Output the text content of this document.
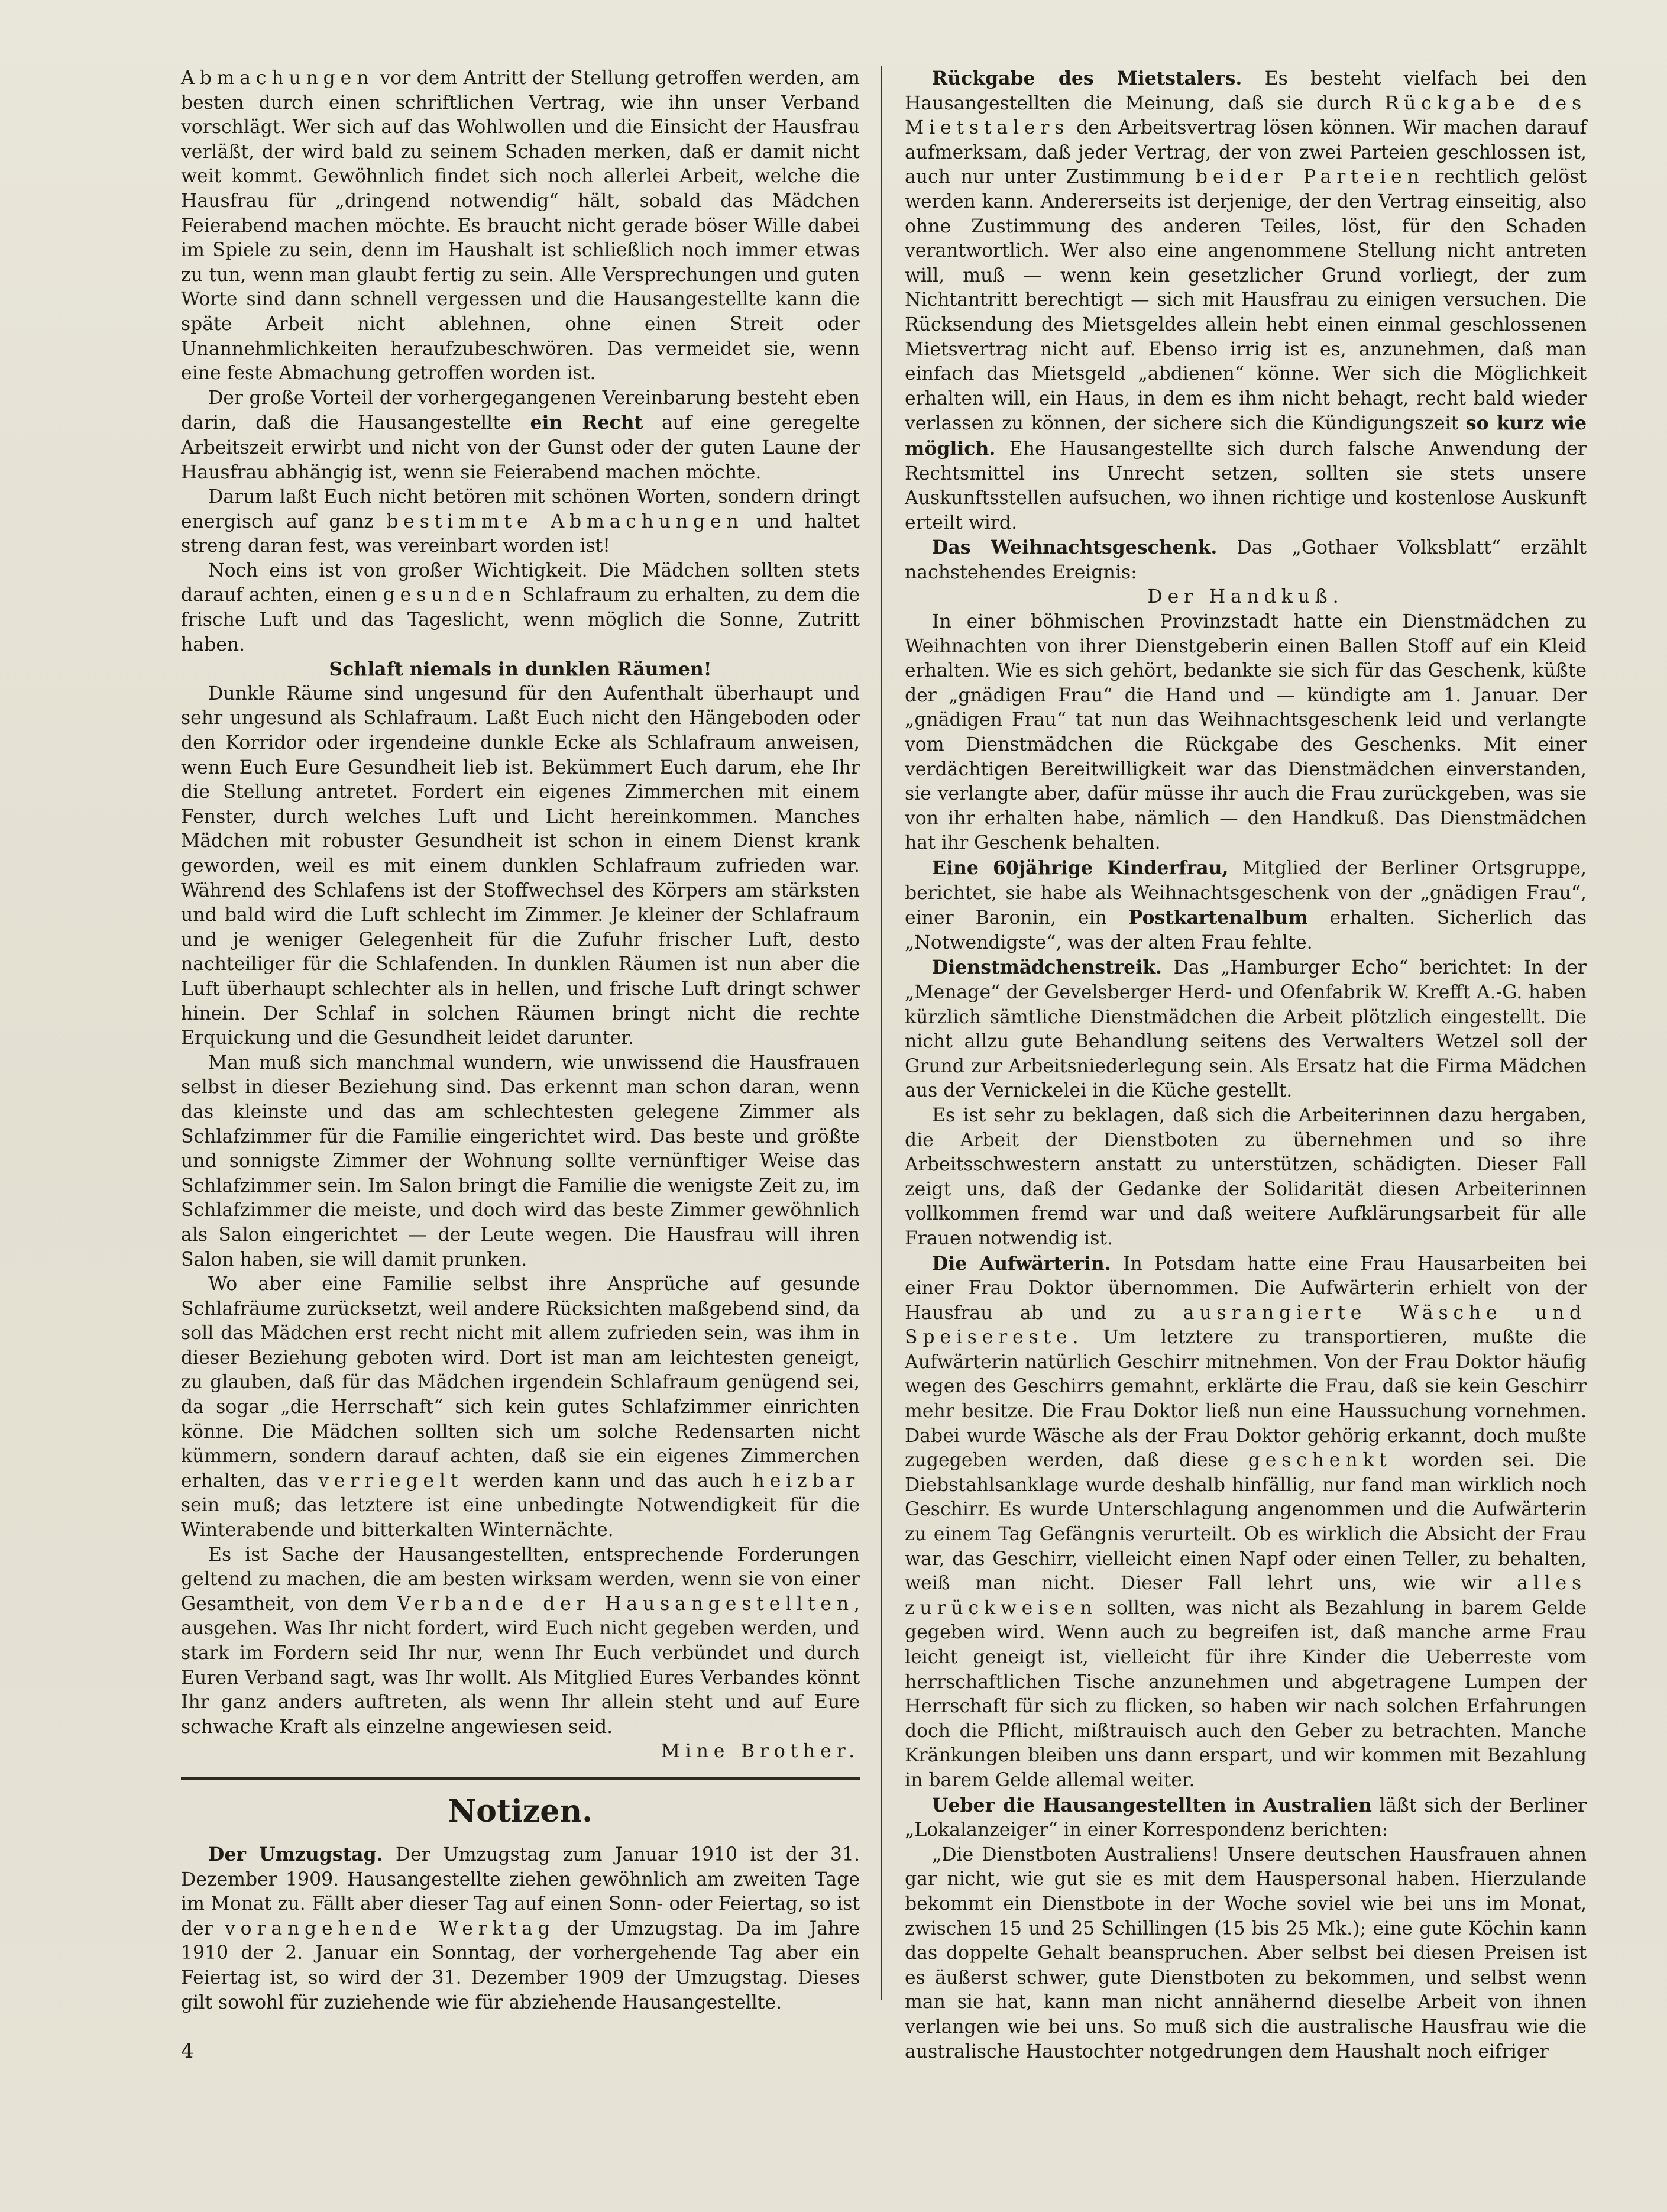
Abmachungen vor dem Antritt der Stellung getroffen werden, am besten durch einen schriftlichen Vertrag, wie ihn unser Verband vorschlägt. Wer sich auf das Wohlwollen und die Einsicht der Hausfrau verläßt, der wird bald zu seinem Schaden merken, daß er damit nicht weit kommt. Gewöhnlich findet sich noch allerlei Arbeit, welche die Hausfrau für „dringend notwendig“ hält, sobald das Mädchen Feierabend machen möchte. Es braucht nicht gerade böser Wille dabei im Spiele zu sein, denn im Haushalt ist schließlich noch immer etwas zu tun, wenn man glaubt fertig zu sein. Alle Versprechungen und guten Worte sind dann schnell vergessen und die Hausangestellte kann die späte Arbeit nicht ablehnen, ohne einen Streit oder Unannehmlichkeiten heraufzubeschwören. Das vermeidet sie, wenn eine feste Abmachung getroffen worden ist.

Der große Vorteil der vorhergegangenen Vereinbarung besteht eben darin, daß die Hausangestellte ein Recht auf eine geregelte Arbeitszeit erwirbt und nicht von der Gunst oder der guten Laune der Hausfrau abhängig ist, wenn sie Feierabend machen möchte.

Darum laßt Euch nicht betören mit schönen Worten, sondern dringt energisch auf ganz bestimmte Abmachungen und haltet streng daran fest, was vereinbart worden ist!

Noch eins ist von großer Wichtigkeit. Die Mädchen sollten stets darauf achten, einen gesunden Schlafraum zu erhalten, zu dem die frische Luft und das Tageslicht, wenn möglich die Sonne, Zutritt haben.

Schlaft niemals in dunklen Räumen!

Dunkle Räume sind ungesund für den Aufenthalt überhaupt und sehr ungesund als Schlafraum. Laßt Euch nicht den Hängeboden oder den Korridor oder irgendeine dunkle Ecke als Schlafraum anweisen, wenn Euch Eure Gesundheit lieb ist. Bekümmert Euch darum, ehe Ihr die Stellung antretet. Fordert ein eigenes Zimmerchen mit einem Fenster, durch welches Luft und Licht hereinkommen. Manches Mädchen mit robuster Gesundheit ist schon in einem Dienst krank geworden, weil es mit einem dunklen Schlafraum zufrieden war. Während des Schlafens ist der Stoffwechsel des Körpers am stärksten und bald wird die Luft schlecht im Zimmer. Je kleiner der Schlafraum und je weniger Gelegenheit für die Zufuhr frischer Luft, desto nachteiliger für die Schlafenden. In dunklen Räumen ist nun aber die Luft überhaupt schlechter als in hellen, und frische Luft dringt schwer hinein. Der Schlaf in solchen Räumen bringt nicht die rechte Erquickung und die Gesundheit leidet darunter.

Man muß sich manchmal wundern, wie unwissend die Hausfrauen selbst in dieser Beziehung sind. Das erkennt man schon daran, wenn das kleinste und das am schlechtesten gelegene Zimmer als Schlafzimmer für die Familie eingerichtet wird. Das beste und größte und sonnigste Zimmer der Wohnung sollte vernünftiger Weise das Schlafzimmer sein. Im Salon bringt die Familie die wenigste Zeit zu, im Schlafzimmer die meiste, und doch wird das beste Zimmer gewöhnlich als Salon eingerichtet — der Leute wegen. Die Hausfrau will ihren Salon haben, sie will damit prunken.

Wo aber eine Familie selbst ihre Ansprüche auf gesunde Schlafräume zurücksetzt, weil andere Rücksichten maßgebend sind, da soll das Mädchen erst recht nicht mit allem zufrieden sein, was ihm in dieser Beziehung geboten wird. Dort ist man am leichtesten geneigt, zu glauben, daß für das Mädchen irgendein Schlafraum genügend sei, da sogar „die Herrschaft“ sich kein gutes Schlafzimmer einrichten könne. Die Mädchen sollten sich um solche Redensarten nicht kümmern, sondern darauf achten, daß sie ein eigenes Zimmerchen erhalten, das verriegelt werden kann und das auch heizbar sein muß; das letztere ist eine unbedingte Notwendigkeit für die Winterabende und bitterkalten Winternächte.

Es ist Sache der Hausangestellten, entsprechende Forderungen geltend zu machen, die am besten wirksam werden, wenn sie von einer Gesamtheit, von dem Verbande der Hausangestellten, ausgehen. Was Ihr nicht fordert, wird Euch nicht gegeben werden, und stark im Fordern seid Ihr nur, wenn Ihr Euch verbündet und durch Euren Verband sagt, was Ihr wollt. Als Mitglied Eures Verbandes könnt Ihr ganz anders auftreten, als wenn Ihr allein steht und auf Eure schwache Kraft als einzelne angewiesen seid.

Mine Brother.

Notizen.

Der Umzugstag. Der Umzugstag zum Januar 1910 ist der 31. Dezember 1909. Hausangestellte ziehen gewöhnlich am zweiten Tage im Monat zu. Fällt aber dieser Tag auf einen Sonn- oder Feiertag, so ist der vorangehende Werktag der Umzugstag. Da im Jahre 1910 der 2. Januar ein Sonntag, der vorhergehende Tag aber ein Feiertag ist, so wird der 31. Dezember 1909 der Umzugstag. Dieses gilt sowohl für zuziehende wie für abziehende Hausangestellte.

Rückgabe des Mietstalers. Es besteht vielfach bei den Hausangestellten die Meinung, daß sie durch Rückgabe des Mietstalers den Arbeitsvertrag lösen können. Wir machen darauf aufmerksam, daß jeder Vertrag, der von zwei Parteien geschlossen ist, auch nur unter Zustimmung beider Parteien rechtlich gelöst werden kann. Andererseits ist derjenige, der den Vertrag einseitig, also ohne Zustimmung des anderen Teiles, löst, für den Schaden verantwortlich. Wer also eine angenommene Stellung nicht antreten will, muß — wenn kein gesetzlicher Grund vorliegt, der zum Nichtantritt berechtigt — sich mit Hausfrau zu einigen versuchen. Die Rücksendung des Mietsgeldes allein hebt einen einmal geschlossenen Mietsvertrag nicht auf. Ebenso irrig ist es, anzunehmen, daß man einfach das Mietsgeld „abdienen“ könne. Wer sich die Möglichkeit erhalten will, ein Haus, in dem es ihm nicht behagt, recht bald wieder verlassen zu können, der sichere sich die Kündigungszeit so kurz wie möglich. Ehe Hausangestellte sich durch falsche Anwendung der Rechtsmittel ins Unrecht setzen, sollten sie stets unsere Auskunftsstellen aufsuchen, wo ihnen richtige und kostenlose Auskunft erteilt wird.

Das Weihnachtsgeschenk. Das „Gothaer Volksblatt“ erzählt nachstehendes Ereignis:

Der Handkuß.

In einer böhmischen Provinzstadt hatte ein Dienstmädchen zu Weihnachten von ihrer Dienstgeberin einen Ballen Stoff auf ein Kleid erhalten. Wie es sich gehört, bedankte sie sich für das Geschenk, küßte der „gnädigen Frau“ die Hand und — kündigte am 1. Januar. Der „gnädigen Frau“ tat nun das Weihnachtsgeschenk leid und verlangte vom Dienstmädchen die Rückgabe des Geschenks. Mit einer verdächtigen Bereitwilligkeit war das Dienstmädchen einverstanden, sie verlangte aber, dafür müsse ihr auch die Frau zurückgeben, was sie von ihr erhalten habe, nämlich — den Handkuß. Das Dienstmädchen hat ihr Geschenk behalten.

Eine 60jährige Kinderfrau, Mitglied der Berliner Ortsgruppe, berichtet, sie habe als Weihnachtsgeschenk von der „gnädigen Frau“, einer Baronin, ein Postkartenalbum erhalten. Sicherlich das „Notwendigste“, was der alten Frau fehlte.

Dienstmädchenstreik. Das „Hamburger Echo“ berichtet: In der „Menage“ der Gevelsberger Herd- und Ofenfabrik W. Krefft A.-G. haben kürzlich sämtliche Dienstmädchen die Arbeit plötzlich eingestellt. Die nicht allzu gute Behandlung seitens des Verwalters Wetzel soll der Grund zur Arbeitsniederlegung sein. Als Ersatz hat die Firma Mädchen aus der Vernickelei in die Küche gestellt.

Es ist sehr zu beklagen, daß sich die Arbeiterinnen dazu hergaben, die Arbeit der Dienstboten zu übernehmen und so ihre Arbeitsschwestern anstatt zu unterstützen, schädigten. Dieser Fall zeigt uns, daß der Gedanke der Solidarität diesen Arbeiterinnen vollkommen fremd war und daß weitere Aufklärungsarbeit für alle Frauen notwendig ist.

Die Aufwärterin. In Potsdam hatte eine Frau Hausarbeiten bei einer Frau Doktor übernommen. Die Aufwärterin erhielt von der Hausfrau ab und zu ausrangierte Wäsche und Speisereste. Um letztere zu transportieren, mußte die Aufwärterin natürlich Geschirr mitnehmen. Von der Frau Doktor häufig wegen des Geschirrs gemahnt, erklärte die Frau, daß sie kein Geschirr mehr besitze. Die Frau Doktor ließ nun eine Haussuchung vornehmen. Dabei wurde Wäsche als der Frau Doktor gehörig erkannt, doch mußte zugegeben werden, daß diese geschenkt worden sei. Die Diebstahlsanklage wurde deshalb hinfällig, nur fand man wirklich noch Geschirr. Es wurde Unterschlagung angenommen und die Aufwärterin zu einem Tag Gefängnis verurteilt. Ob es wirklich die Absicht der Frau war, das Geschirr, vielleicht einen Napf oder einen Teller, zu behalten, weiß man nicht. Dieser Fall lehrt uns, wie wir alles zurückweisen sollten, was nicht als Bezahlung in barem Gelde gegeben wird. Wenn auch zu begreifen ist, daß manche arme Frau leicht geneigt ist, vielleicht für ihre Kinder die Ueberreste vom herrschaftlichen Tische anzunehmen und abgetragene Lumpen der Herrschaft für sich zu flicken, so haben wir nach solchen Erfahrungen doch die Pflicht, mißtrauisch auch den Geber zu betrachten. Manche Kränkungen bleiben uns dann erspart, und wir kommen mit Bezahlung in barem Gelde allemal weiter.

Ueber die Hausangestellten in Australien läßt sich der Berliner „Lokalanzeiger“ in einer Korrespondenz berichten:

„Die Dienstboten Australiens! Unsere deutschen Hausfrauen ahnen gar nicht, wie gut sie es mit dem Hauspersonal haben. Hierzulande bekommt ein Dienstbote in der Woche soviel wie bei uns im Monat, zwischen 15 und 25 Schillingen (15 bis 25 Mk.); eine gute Köchin kann das doppelte Gehalt beanspruchen. Aber selbst bei diesen Preisen ist es äußerst schwer, gute Dienstboten zu bekommen, und selbst wenn man sie hat, kann man nicht annähernd dieselbe Arbeit von ihnen verlangen wie bei uns. So muß sich die australische Hausfrau wie die australische Haustochter notgedrungen dem Haushalt noch eifriger

4
